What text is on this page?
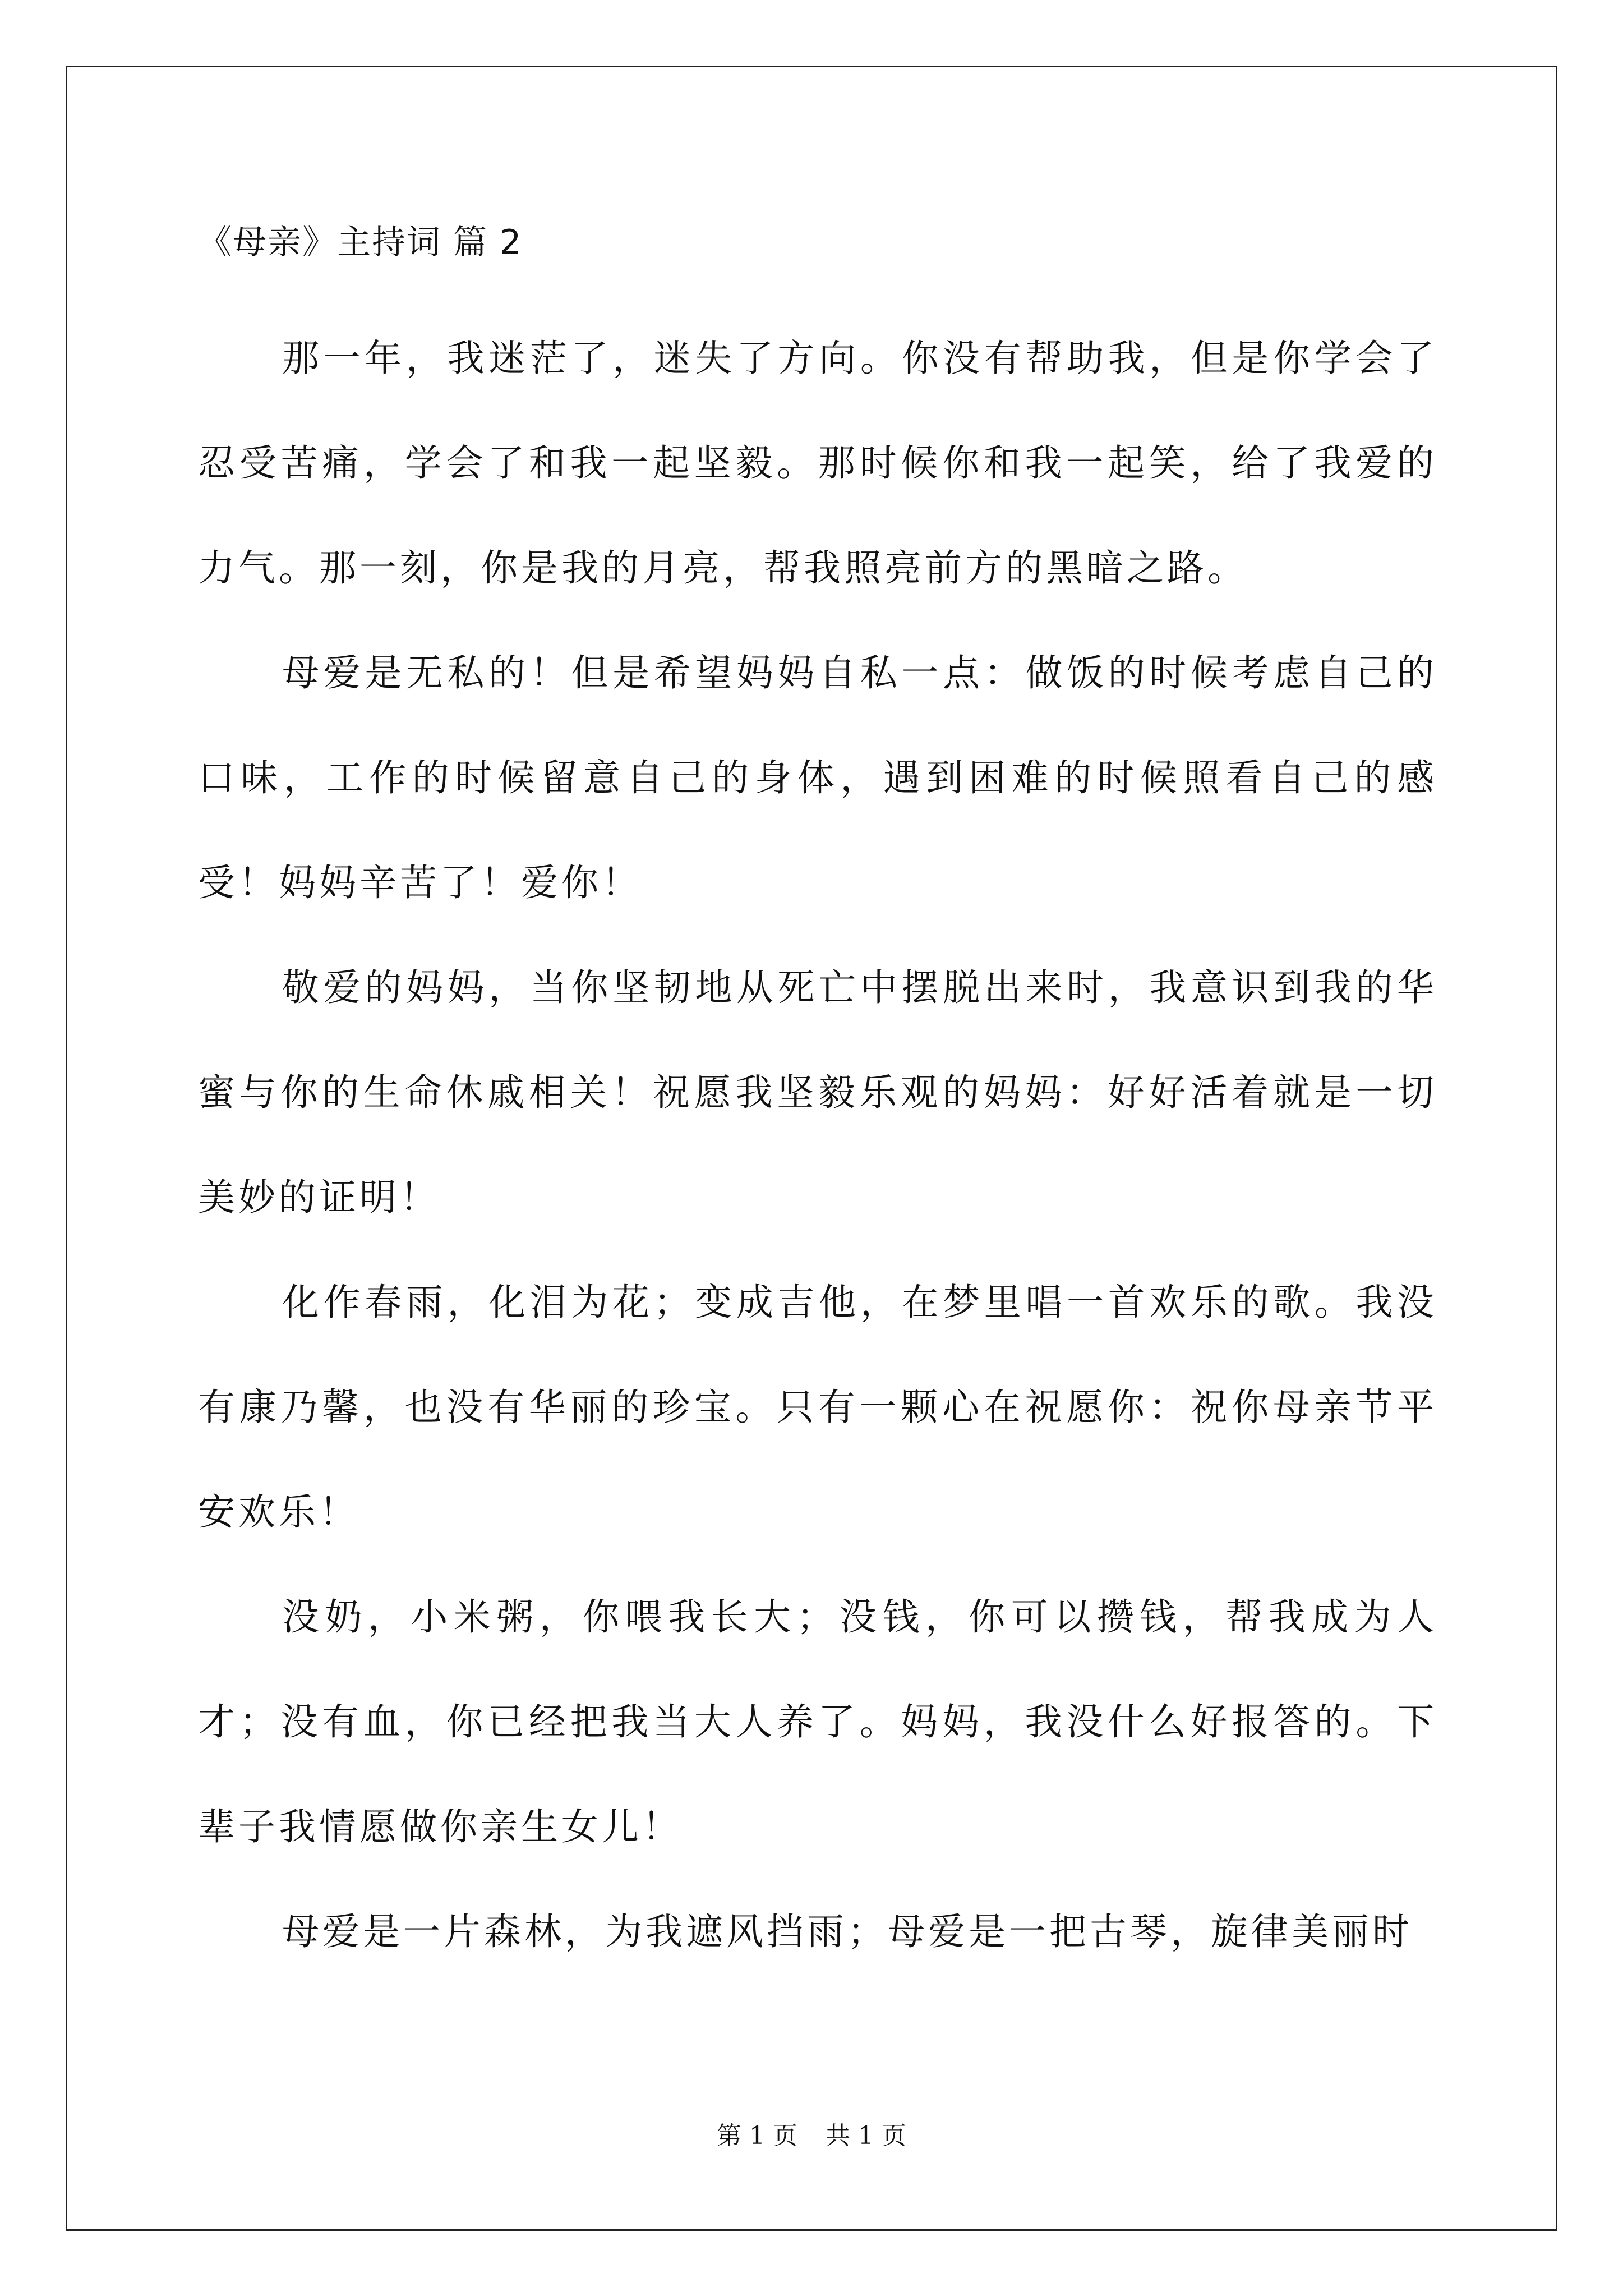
《母亲》主持词 篇 2

那一年，我迷茫了，迷失了方向。你没有帮助我，但是你学会了忍受苦痛，学会了和我一起坚毅。那时候你和我一起笑，给了我爱的力气。那一刻，你是我的月亮，帮我照亮前方的黑暗之路。

母爱是无私的！但是希望妈妈自私一点：做饭的时候考虑自己的口味，工作的时候留意自己的身体，遇到困难的时候照看自己的感受！妈妈辛苦了！爱你！

敬爱的妈妈，当你坚韧地从死亡中摆脱出来时，我意识到我的华蜜与你的生命休戚相关！祝愿我坚毅乐观的妈妈：好好活着就是一切美妙的证明！

化作春雨，化泪为花；变成吉他，在梦里唱一首欢乐的歌。我没有康乃馨，也没有华丽的珍宝。只有一颗心在祝愿你：祝你母亲节平安欢乐！

没奶，小米粥，你喂我长大；没钱，你可以攒钱，帮我成为人才；没有血，你已经把我当大人养了。妈妈，我没什么好报答的。下辈子我情愿做你亲生女儿！

母爱是一片森林，为我遮风挡雨；母爱是一把古琴，旋律美丽时

第 1 页 共 1 页
